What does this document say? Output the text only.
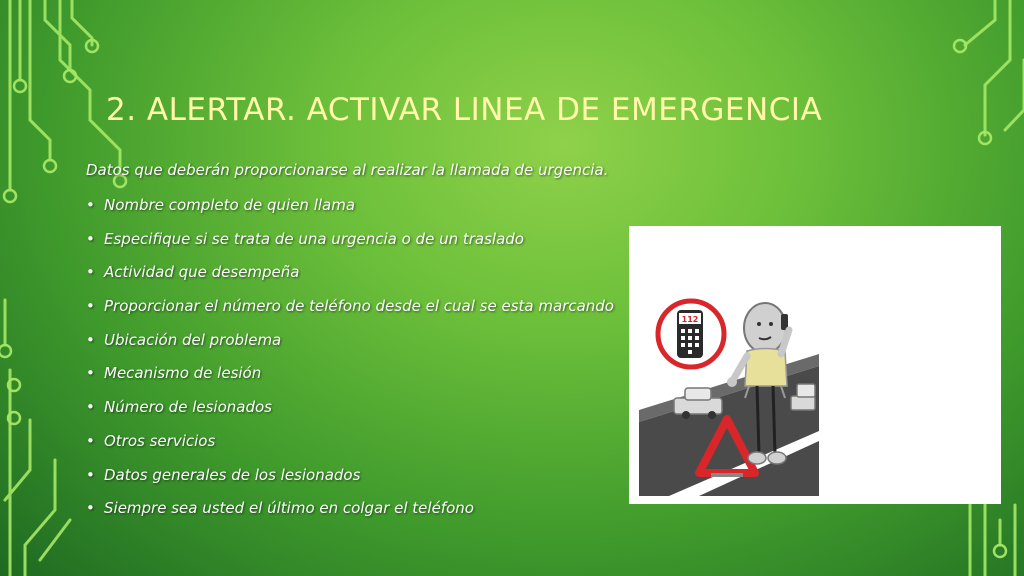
2. ALERTAR. ACTIVAR LINEA DE EMERGENCIA
Datos que deberán proporcionarse al realizar la llamada de urgencia.
• Nombre completo de quien llama
• Especifique si se trata de una urgencia o de un traslado
• Actividad que desempeña
• Proporcionar el número de teléfono desde el cual se esta marcando
• Ubicación del problema
• Mecanismo de lesión
• Número de lesionados
• Otros servicios
• Datos generales de los lesionados
• Siempre sea usted el último en colgar el teléfono
112
